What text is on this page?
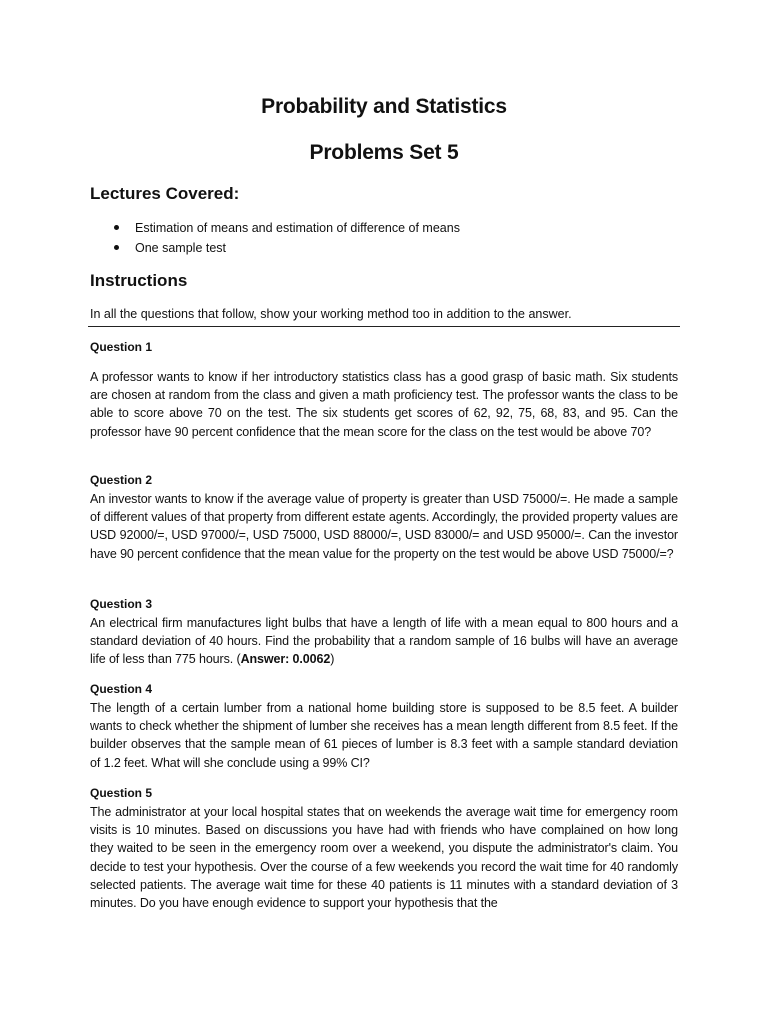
Probability and Statistics
Problems Set 5
Lectures Covered:
Estimation of means and estimation of difference of means
One sample test
Instructions
In all the questions that follow, show your working method too in addition to the answer.
Question 1
A professor wants to know if her introductory statistics class has a good grasp of basic math. Six students are chosen at random from the class and given a math proficiency test. The professor wants the class to be able to score above 70 on the test. The six students get scores of 62, 92, 75, 68, 83, and 95. Can the professor have 90 percent confidence that the mean score for the class on the test would be above 70?
Question 2
An investor wants to know if the average value of property is greater than USD 75000/=. He made a sample of different values of that property from different estate agents. Accordingly, the provided property values are USD 92000/=, USD 97000/=, USD 75000, USD 88000/=, USD 83000/= and USD 95000/=. Can the investor have 90 percent confidence that the mean value for the property on the test would be above USD 75000/=?
Question 3
An electrical firm manufactures light bulbs that have a length of life with a mean equal to 800 hours and a standard deviation of 40 hours. Find the probability that a random sample of 16 bulbs will have an average life of less than 775 hours. (Answer: 0.0062)
Question 4
The length of a certain lumber from a national home building store is supposed to be 8.5 feet. A builder wants to check whether the shipment of lumber she receives has a mean length different from 8.5 feet. If the builder observes that the sample mean of 61 pieces of lumber is 8.3 feet with a sample standard deviation of 1.2 feet. What will she conclude using a 99% CI?
Question 5
The administrator at your local hospital states that on weekends the average wait time for emergency room visits is 10 minutes. Based on discussions you have had with friends who have complained on how long they waited to be seen in the emergency room over a weekend, you dispute the administrator's claim. You decide to test your hypothesis. Over the course of a few weekends you record the wait time for 40 randomly selected patients. The average wait time for these 40 patients is 11 minutes with a standard deviation of 3 minutes. Do you have enough evidence to support your hypothesis that the
